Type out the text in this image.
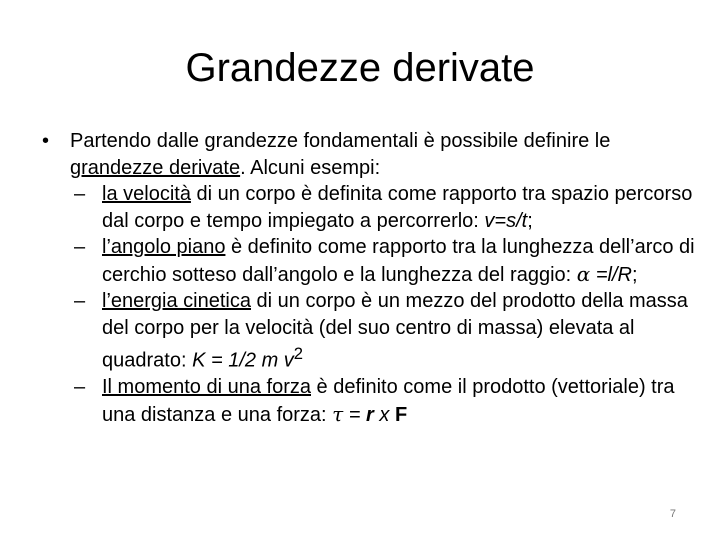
Grandezze derivate
• Partendo dalle grandezze fondamentali è possibile definire le grandezze derivate. Alcuni esempi:
– la velocità di un corpo è definita come rapporto tra spazio percorso dal corpo e tempo impiegato a percorrerlo: v=s/t;
– l’angolo piano è definito come rapporto tra la lunghezza dell’arco di cerchio sotteso dall’angolo e la lunghezza del raggio: α =l/R;
– l’energia cinetica di un corpo è un mezzo del prodotto della massa del corpo per la velocità (del suo centro di massa) elevata al quadrato: K = 1/2 m $v^2$
– Il momento di una forza è definito come il prodotto (vettoriale) tra una distanza e una forza: τ = r x F
7
